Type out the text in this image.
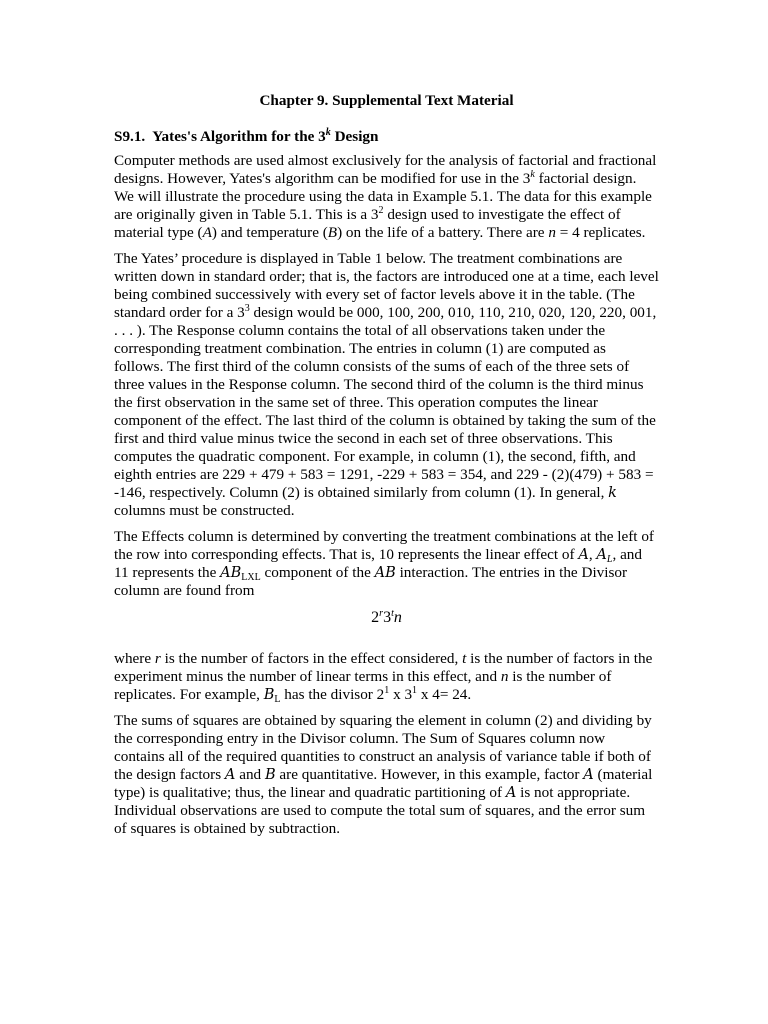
Chapter 9. Supplemental Text Material
S9.1. Yates's Algorithm for the 3$^k$ Design

Computer methods are used almost exclusively for the analysis of factorial and fractional
designs. However, Yates's algorithm can be modified for use in the 3$^k$ factorial design.
We will illustrate the procedure using the data in Example 5.1. The data for this example
are originally given in Table 5.1. This is a $3^2$ design used to investigate the effect of
material type (A) and temperature (B) on the life of a battery. There are n = 4 replicates.

The Yates’ procedure is displayed in Table 1 below. The treatment combinations are
written down in standard order; that is, the factors are introduced one at a time, each level
being combined successively with every set of factor levels above it in the table. (The
standard order for a $3^3$ design would be 000, 100, 200, 010, 110, 210, 020, 120, 220, 001,
. . . ). The Response column contains the total of all observations taken under the
corresponding treatment combination. The entries in column (1) are computed as
follows. The first third of the column consists of the sums of each of the three sets of
three values in the Response column. The second third of the column is the third minus
the first observation in the same set of three. This operation computes the linear
component of the effect. The last third of the column is obtained by taking the sum of the
first and third value minus twice the second in each set of three observations. This
computes the quadratic component. For example, in column (1), the second, fifth, and
eighth entries are 229 + 479 + 583 = 1291, -229 + 583 = 354, and 229 - (2)(479) + 583 =
-146, respectively. Column (2) is obtained similarly from column (1). In general, k
columns must be constructed.

The Effects column is determined by converting the treatment combinations at the left of
the row into corresponding effects. That is, 10 represents the linear effect of A, $A_L$, and
11 represents the $AB_{LXL}$ component of the AB interaction. The entries in the Divisor
column are found from

2$^r$3$^t$n

where r is the number of factors in the effect considered, t is the number of factors in the
experiment minus the number of linear terms in this effect, and n is the number of
replicates. For example, $B_L$ has the divisor $2^1$ x $3^1$ x 4= 24.

The sums of squares are obtained by squaring the element in column (2) and dividing by
the corresponding entry in the Divisor column. The Sum of Squares column now
contains all of the required quantities to construct an analysis of variance table if both of
the design factors A and B are quantitative. However, in this example, factor A (material
type) is qualitative; thus, the linear and quadratic partitioning of A is not appropriate.
Individual observations are used to compute the total sum of squares, and the error sum
of squares is obtained by subtraction.
